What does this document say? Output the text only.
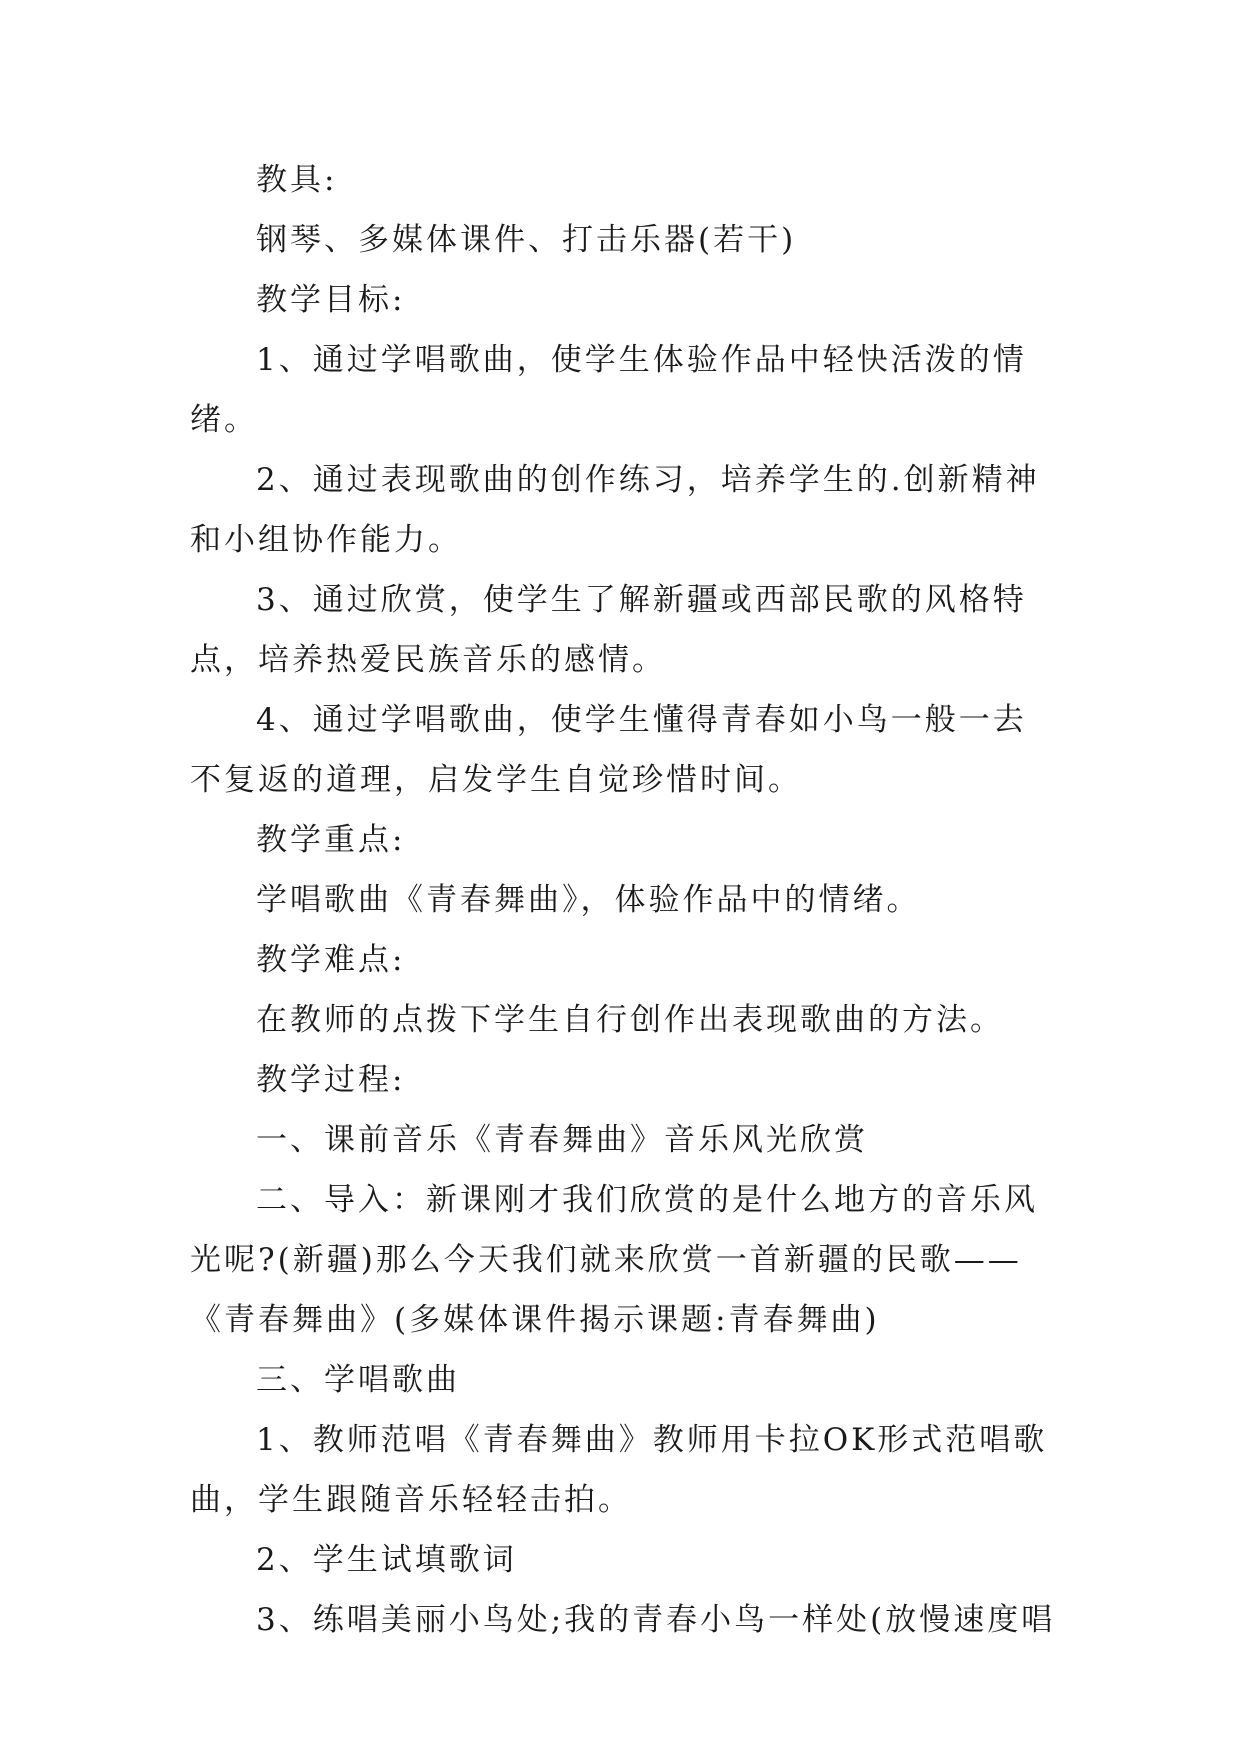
教具:

钢琴、多媒体课件、打击乐器(若干)

教学目标:

1、通过学唱歌曲，使学生体验作品中轻快活泼的情绪。

2、通过表现歌曲的创作练习，培养学生的.创新精神和小组协作能力。

3、通过欣赏，使学生了解新疆或西部民歌的风格特点，培养热爱民族音乐的感情。

4、通过学唱歌曲，使学生懂得青春如小鸟一般一去不复返的道理，启发学生自觉珍惜时间。

教学重点:

学唱歌曲《青春舞曲》，体验作品中的情绪。

教学难点:

在教师的点拨下学生自行创作出表现歌曲的方法。

教学过程:

一、课前音乐《青春舞曲》音乐风光欣赏

二、导入：新课刚才我们欣赏的是什么地方的音乐风光呢?(新疆)那么今天我们就来欣赏一首新疆的民歌——《青春舞曲》(多媒体课件揭示课题:青春舞曲)

三、学唱歌曲

1、教师范唱《青春舞曲》教师用卡拉OK形式范唱歌曲，学生跟随音乐轻轻击拍。

2、学生试填歌词

3、练唱美丽小鸟处;我的青春小鸟一样处(放慢速度唱
